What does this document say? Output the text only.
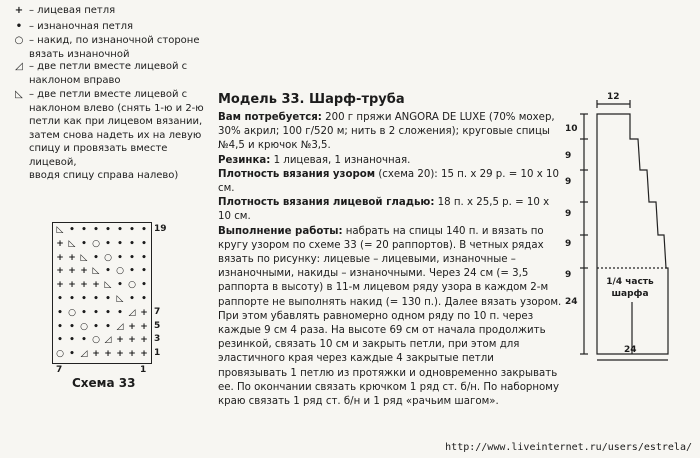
+ – лицевая петля
• – изнаночная петля
○ – накид, по изнаночной стороне
вязать изнаночной
◿ – две петли вместе лицевой с
наклоном вправо
◺ – две петли вместе лицевой с
наклоном влево (снять 1-ю и 2-ю
петли как при лицевом вязании,
затем снова надеть их на левую
спицу и провязать вместе лицевой,
вводя спицу справа налево)
Модель 33. Шарф-труба

Вам потребуется: 200 г пряжи ANGORA DE LUXE (70% мохер, 30% акрил; 100 г/520 м; нить в 2 сложения); круговые спицы №4,5 и крючок №3,5.

Резинка: 1 лицевая, 1 изнаночная.

Плотность вязания узором (схема 20): 15 п. х 29 р. = 10 х 10 см.

Плотность вязания лицевой гладью: 18 п. х 25,5 р. = 10 х 10 см.

Выполнение работы: набрать на спицы 140 п. и вязать по кругу узором по схеме 33 (= 20 раппортов). В четных рядах вязать по рисунку: лицевые – лицевыми, изнаночные – изнаночными, накиды – изнаночными. Через 24 см (= 3,5 раппорта в высоту) в 11-м лицевом ряду узора в каждом 2-м раппорте не выполнять накид (= 130 п.). Далее вязать узором. При этом убавлять равномерно одном ряду по 10 п. через каждые 9 см 4 раза. На высоте 69 см от начала продолжить резинкой, связать 10 см и закрыть петли, при этом для эластичного края через каждые 4 закрытые петли провязывать 1 петлю из протяжки и одновременно закрывать ее. По окончании связать крючком 1 ряд ст. б/н. По наборному краю связать 1 ряд ст. б/н и 1 ряд «рачьим шагом».

◺ • • • • • • • 19
+ ◺ • ○ • • • •
+ + ◺ • ○ • • •
+ + + ◺ • ○ • •
+ + + + ◺ • ○ •
• • • • • ◺ • •
• ○ • • • • ◿ + 7
• • ○ • • ◿ + + 5
• • • ○ ◿ + + + 3
○ • ◿ + + + + + 1
7	1
Схема 33
12
10
9
9
9
9
9
24
1/4 часть
шарфа
24
http://www.liveinternet.ru/users/estrela/
